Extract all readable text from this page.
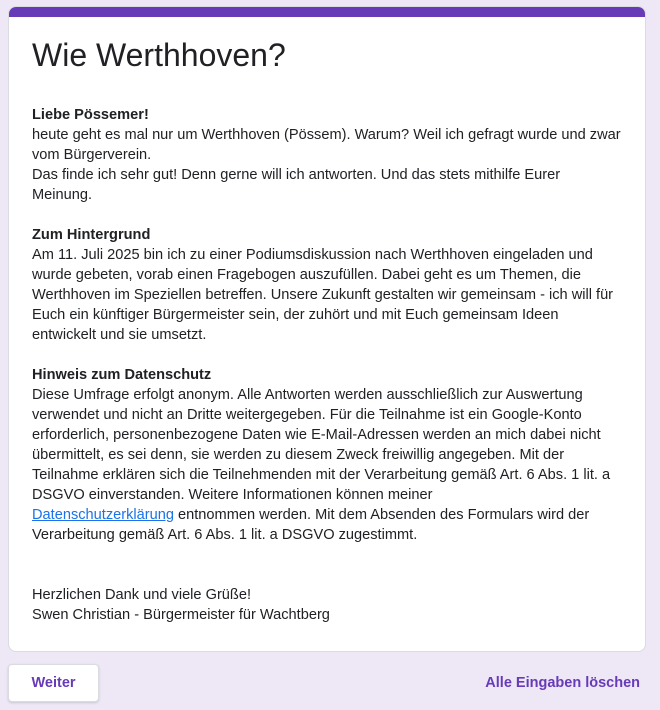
Wie Werthhoven?
Liebe Pössemer!
heute geht es mal nur um Werthhoven (Pössem). Warum? Weil ich gefragt wurde und zwar
vom Bürgerverein.
Das finde ich sehr gut! Denn gerne will ich antworten. Und das stets mithilfe Eurer
Meinung.
Zum Hintergrund
Am 11. Juli 2025 bin ich zu einer Podiumsdiskussion nach Werthhoven eingeladen und
wurde gebeten, vorab einen Fragebogen auszufüllen. Dabei geht es um Themen, die
Werthhoven im Speziellen betreffen. Unsere Zukunft gestalten wir gemeinsam - ich will für
Euch ein künftiger Bürgermeister sein, der zuhört und mit Euch gemeinsam Ideen
entwickelt und sie umsetzt.
Hinweis zum Datenschutz
Diese Umfrage erfolgt anonym. Alle Antworten werden ausschließlich zur Auswertung
verwendet und nicht an Dritte weitergegeben. Für die Teilnahme ist ein Google-Konto
erforderlich, personenbezogene Daten wie E-Mail-Adressen werden an mich dabei nicht
übermittelt, es sei denn, sie werden zu diesem Zweck freiwillig angegeben. Mit der
Teilnahme erklären sich die Teilnehmenden mit der Verarbeitung gemäß Art. 6 Abs. 1 lit. a
DSGVO einverstanden. Weitere Informationen können meiner
Datenschutzerklärung entnommen werden. Mit dem Absenden des Formulars wird der
Verarbeitung gemäß Art. 6 Abs. 1 lit. a DSGVO zugestimmt.
Herzlichen Dank und viele Grüße!
Swen Christian - Bürgermeister für Wachtberg
Weiter	Alle Eingaben löschen
